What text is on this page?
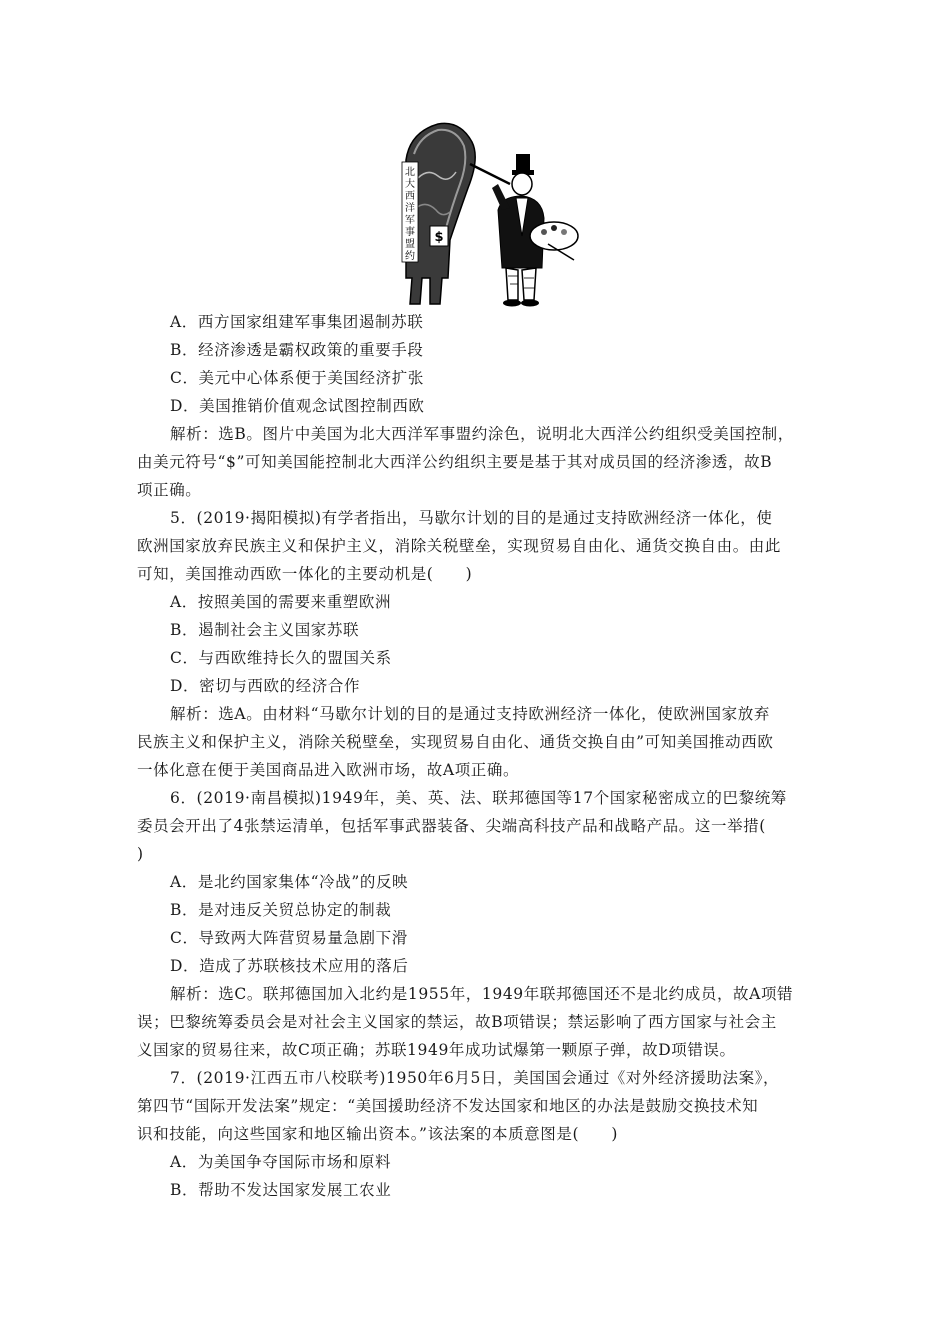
北
大
西
洋
军
事
盟
约
$
A．西方国家组建军事集团遏制苏联
B．经济渗透是霸权政策的重要手段
C．美元中心体系便于美国经济扩张
D．美国推销价值观念试图控制西欧
解析：选B。图片中美国为北大西洋军事盟约涂色，说明北大西洋公约组织受美国控制，
由美元符号“$”可知美国能控制北大西洋公约组织主要是基于其对成员国的经济渗透，故B
项正确。
5．(2019·揭阳模拟)有学者指出，马歇尔计划的目的是通过支持欧洲经济一体化，使
欧洲国家放弃民族主义和保护主义，消除关税壁垒，实现贸易自由化、通货交换自由。由此
可知，美国推动西欧一体化的主要动机是(　　)
A．按照美国的需要来重塑欧洲
B．遏制社会主义国家苏联
C．与西欧维持长久的盟国关系
D．密切与西欧的经济合作
解析：选A。由材料“马歇尔计划的目的是通过支持欧洲经济一体化，使欧洲国家放弃
民族主义和保护主义，消除关税壁垒，实现贸易自由化、通货交换自由”可知美国推动西欧
一体化意在便于美国商品进入欧洲市场，故A项正确。
6．(2019·南昌模拟)1949年，美、英、法、联邦德国等17个国家秘密成立的巴黎统筹
委员会开出了4张禁运清单，包括军事武器装备、尖端高科技产品和战略产品。这一举措(
)
A．是北约国家集体“冷战”的反映
B．是对违反关贸总协定的制裁
C．导致两大阵营贸易量急剧下滑
D．造成了苏联核技术应用的落后
解析：选C。联邦德国加入北约是1955年，1949年联邦德国还不是北约成员，故A项错
误；巴黎统筹委员会是对社会主义国家的禁运，故B项错误；禁运影响了西方国家与社会主
义国家的贸易往来，故C项正确；苏联1949年成功试爆第一颗原子弹，故D项错误。
7．(2019·江西五市八校联考)1950年6月5日，美国国会通过《对外经济援助法案》，
第四节“国际开发法案”规定：“美国援助经济不发达国家和地区的办法是鼓励交换技术知
识和技能，向这些国家和地区输出资本。”该法案的本质意图是(　　)
A．为美国争夺国际市场和原料
B．帮助不发达国家发展工农业
